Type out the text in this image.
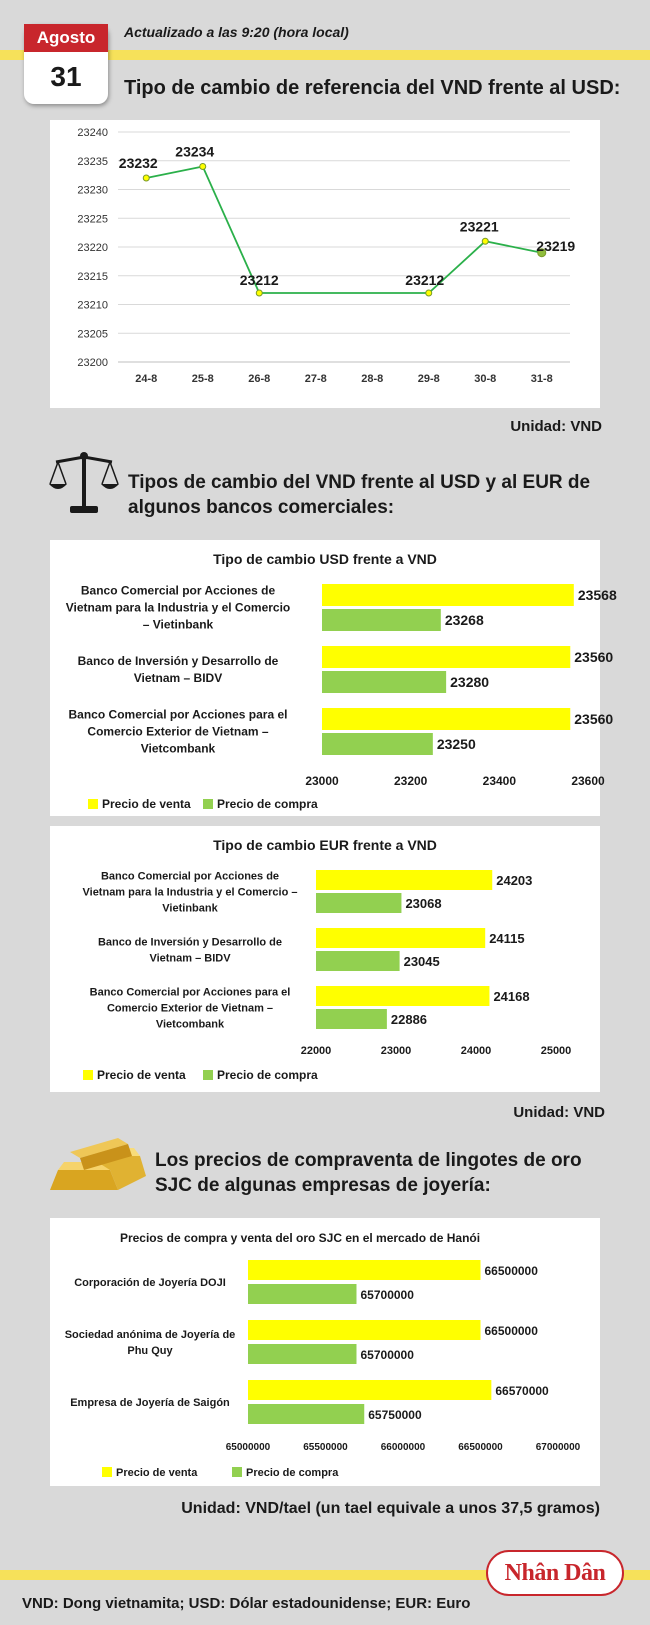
Agosto
31
Actualizado a las 9:20 (hora local)
Tipo de cambio de referencia del VND frente al USD:
23200
23205
23210
23215
23220
23225
23230
23235
23240
24-8	25-8	26-8	27-8	28-8	29-8	30-8	31-8
23232
23234
23212	23212
23221
23219
Unidad: VND
Tipos de cambio del VND frente al USD y al EUR de
algunos bancos comerciales:
Tipo de cambio USD frente a VND
23000	23200	23400	23600
Banco Comercial por Acciones de
Vietnam para la Industria y el Comercio
– Vietinbank
23568
23268
Banco de Inversión y Desarrollo de
Vietnam – BIDV
23560
23280
Banco Comercial por Acciones para el
Comercio Exterior de Vietnam –
Vietcombank
23560
23250
Precio de venta Precio de compra
Tipo de cambio EUR frente a VND
22000	23000	24000	25000
Banco Comercial por Acciones de
Vietnam para la Industria y el Comercio –
Vietinbank
24203
23068
Banco de Inversión y Desarrollo de
Vietnam – BIDV
24115
23045
Banco Comercial por Acciones para el
Comercio Exterior de Vietnam –
Vietcombank
24168
22886
Precio de venta	Precio de compra
Unidad: VND
Los precios de compraventa de lingotes de oro
SJC de algunas empresas de joyería:
Precios de compra y venta del oro SJC en el mercado de Hanói
65000000	65500000	66000000	66500000	67000000
Corporación de Joyería DOJI
66500000
65700000
Sociedad anónima de Joyería de
Phu Quy
66500000
65700000
Empresa de Joyería de Saigón
66570000
65750000
Precio de venta	Precio de compra
Unidad: VND/tael (un tael equivale a unos 37,5 gramos)
Nhân Dân
VND: Dong vietnamita; USD: Dólar estadounidense; EUR: Euro
